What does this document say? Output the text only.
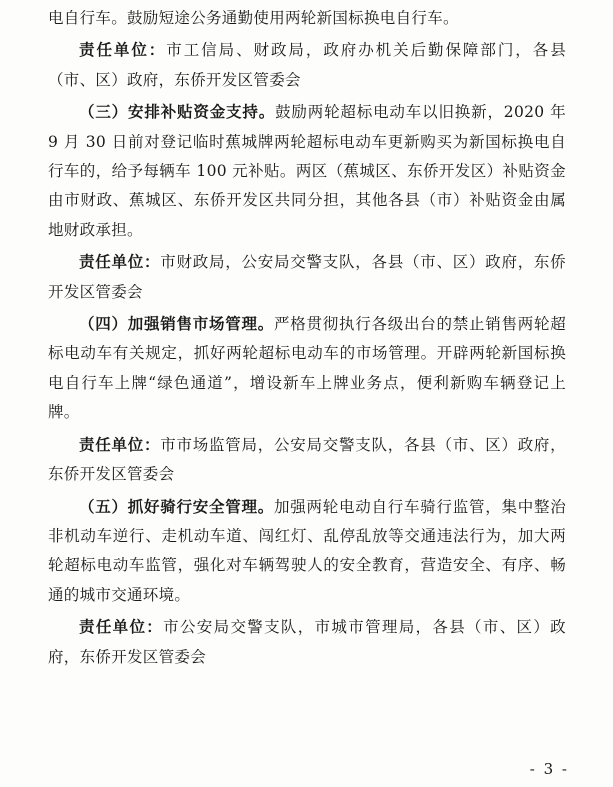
电自行车。鼓励短途公务通勤使用两轮新国标换电自行车。

责任单位：市工信局、财政局，政府办机关后勤保障部门，各县（市、区）政府，东侨开发区管委会

（三）安排补贴资金支持。鼓励两轮超标电动车以旧换新，2020 年 9 月 30 日前对登记临时蕉城牌两轮超标电动车更新购买为新国标换电自行车的，给予每辆车 100 元补贴。两区（蕉城区、东侨开发区）补贴资金由市财政、蕉城区、东侨开发区共同分担，其他各县（市）补贴资金由属地财政承担。

责任单位：市财政局，公安局交警支队，各县（市、区）政府，东侨开发区管委会

（四）加强销售市场管理。严格贯彻执行各级出台的禁止销售两轮超标电动车有关规定，抓好两轮超标电动车的市场管理。开辟两轮新国标换电自行车上牌“绿色通道”，增设新车上牌业务点，便利新购车辆登记上牌。

责任单位：市市场监管局，公安局交警支队，各县（市、区）政府，东侨开发区管委会

（五）抓好骑行安全管理。加强两轮电动自行车骑行监管，集中整治非机动车逆行、走机动车道、闯红灯、乱停乱放等交通违法行为，加大两轮超标电动车监管，强化对车辆驾驶人的安全教育，营造安全、有序、畅通的城市交通环境。

责任单位：市公安局交警支队，市城市管理局，各县（市、区）政府，东侨开发区管委会

- 3 -
